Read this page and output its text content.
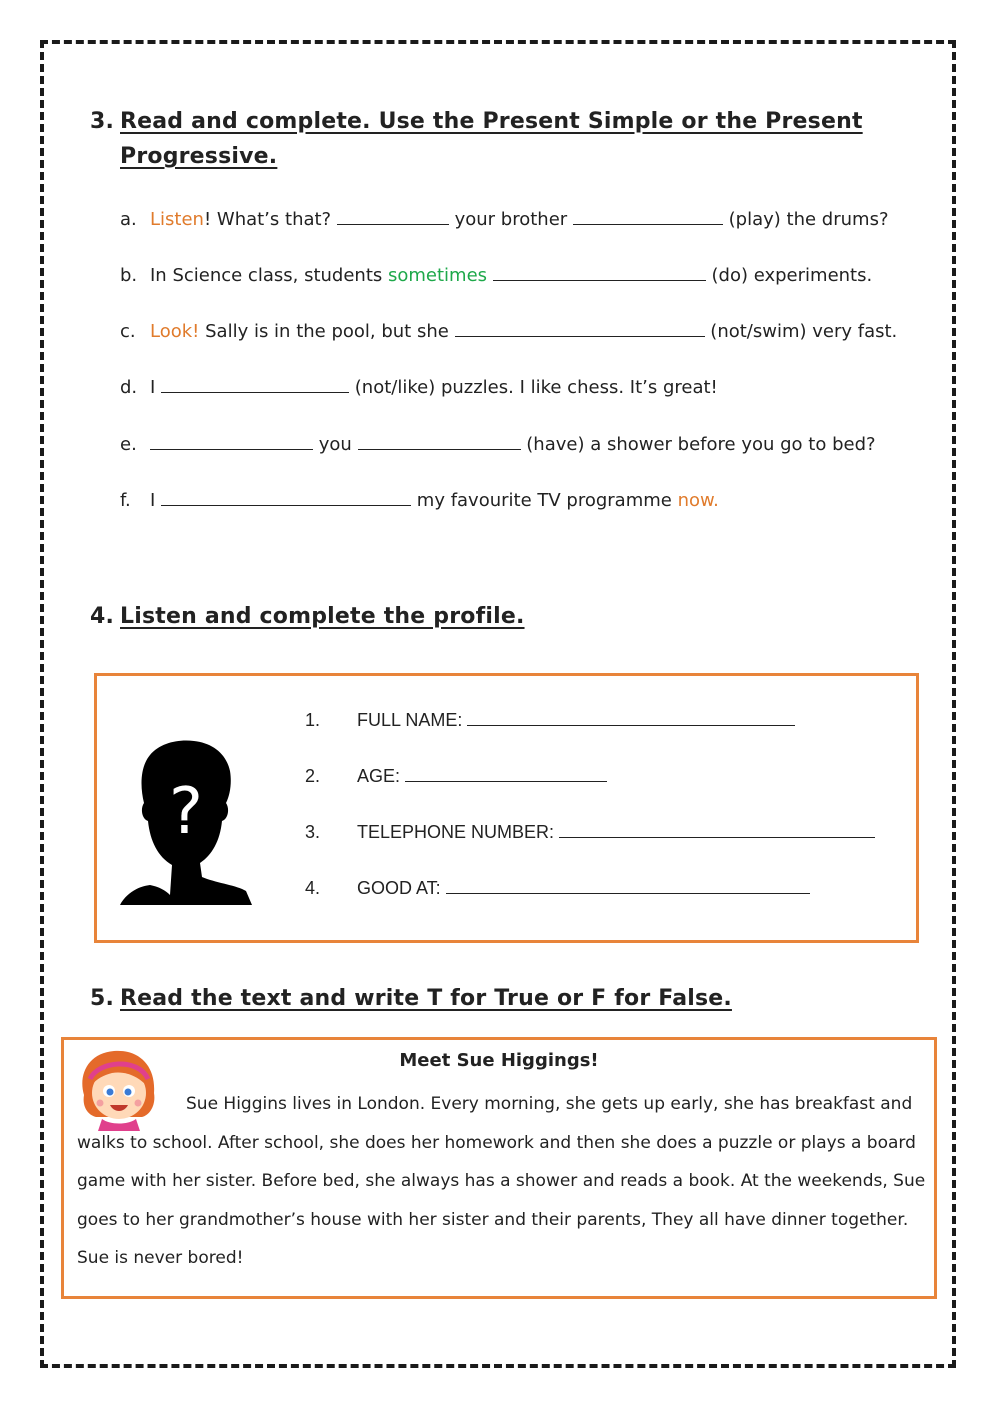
3. Read and complete. Use the Present Simple or the Present
Progressive.
a. Listen! What’s that?	your brother	(play) the drums?
b. In Science class, students sometimes	(do) experiments.
c. Look! Sally is in the pool, but she	(not/swim) very fast.
d. I	(not/like) puzzles. I like chess. It’s great!
e.	you	(have) a shower before you go to bed?
f. I	my favourite TV programme now.
4. Listen and complete the profile.
?
1. FULL NAME:
2. AGE:
3. TELEPHONE NUMBER:
4. GOOD AT:
5. Read the text and write T for True or F for False.
Meet Sue Higgings!
Sue Higgins lives in London. Every morning, she gets up early, she has breakfast and
walks to school. After school, she does her homework and then she does a puzzle or plays a board
game with her sister. Before bed, she always has a shower and reads a book. At the weekends, Sue
goes to her grandmother’s house with her sister and their parents, They all have dinner together.
Sue is never bored!
